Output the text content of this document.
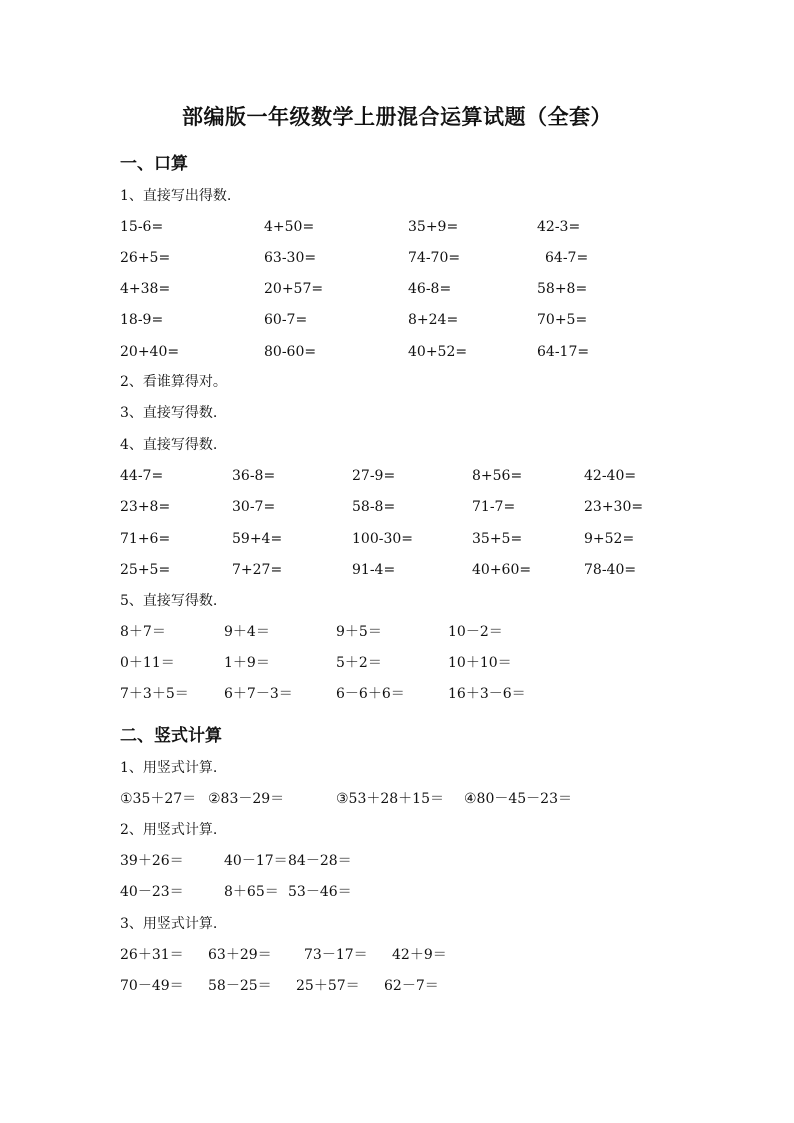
部编版一年级数学上册混合运算试题（全套）
一、口算
1、直接写出得数.
15-6=	4+50=	35+9=	42-3=
26+5=	63-30=	74-70=	64-7=
4+38=	20+57=	46-8=	58+8=
18-9=	60-7=	8+24=	70+5=
20+40=	80-60=	40+52=	64-17=
2、看谁算得对。
3、直接写得数.
4、直接写得数.
44-7=	36-8=	27-9=	8+56=	42-40=
23+8=	30-7=	58-8=	71-7=	23+30=
71+6=	59+4=	100-30=	35+5=	9+52=
25+5=	7+27=	91-4=	40+60=	78-40=
5、直接写得数.
8＋7＝	9＋4＝	9＋5＝	10－2＝
0＋11＝	1＋9＝	5＋2＝	10＋10＝
7＋3＋5＝	6＋7－3＝	6－6＋6＝	16＋3－6＝
二、竖式计算
1、用竖式计算.
①35＋27＝ ②83－29＝	③53＋28＋15＝ ④80－45－23＝
2、用竖式计算.
39＋26＝	40－17＝ 84－28＝
40－23＝	8＋65＝ 53－46＝
3、用竖式计算.
26＋31＝ 63＋29＝ 73－17＝ 42＋9＝
70－49＝ 58－25＝ 25＋57＝ 62－7＝
